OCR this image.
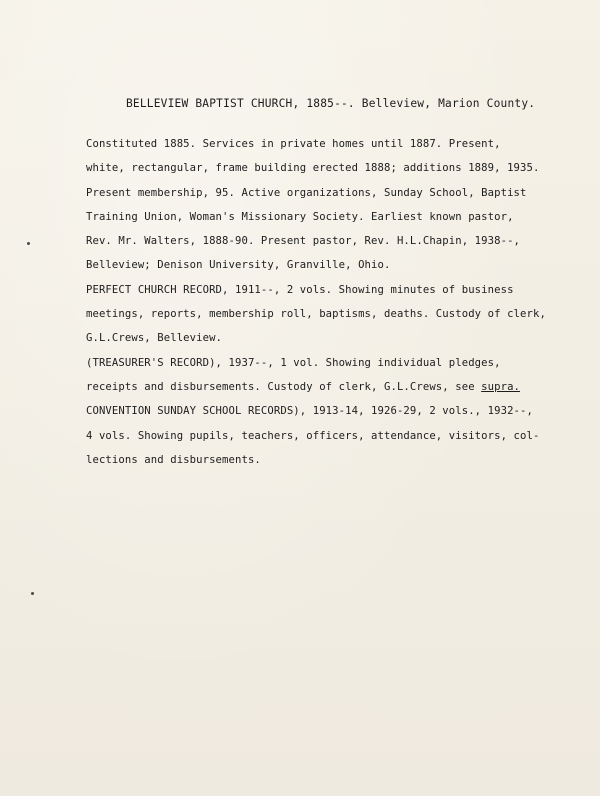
BELLEVIEW BAPTIST CHURCH, 1885--. Belleview, Marion County.
Constituted 1885. Services in private homes until 1887. Present,
white, rectangular, frame building erected 1888; additions 1889, 1935.
Present membership, 95. Active organizations, Sunday School, Baptist
Training Union, Woman's Missionary Society. Earliest known pastor,
Rev. Mr. Walters, 1888-90. Present pastor, Rev. H.L.Chapin, 1938--,
Belleview; Denison University, Granville, Ohio.
PERFECT CHURCH RECORD, 1911--, 2 vols. Showing minutes of business
meetings, reports, membership roll, baptisms, deaths. Custody of clerk,
G.L.Crews, Belleview.
(TREASURER'S RECORD), 1937--, 1 vol. Showing individual pledges,
receipts and disbursements. Custody of clerk, G.L.Crews, see supra.
CONVENTION SUNDAY SCHOOL RECORDS), 1913-14, 1926-29, 2 vols., 1932--,
4 vols. Showing pupils, teachers, officers, attendance, visitors, col-
lections and disbursements.
